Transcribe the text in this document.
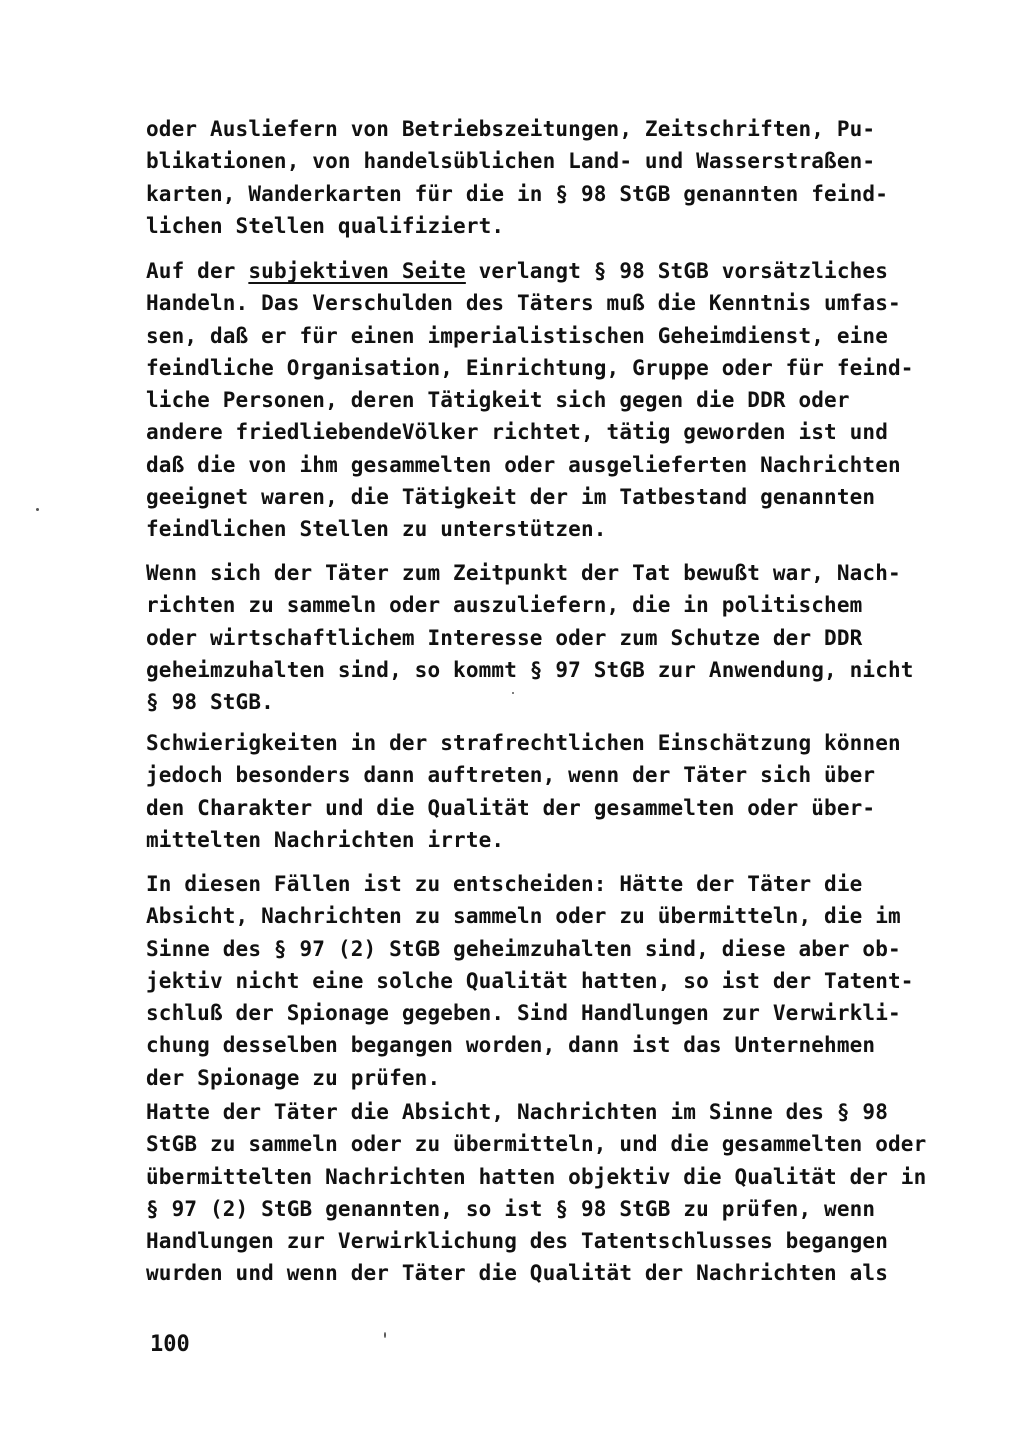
oder Ausliefern von Betriebszeitungen, Zeitschriften, Pu-
blikationen, von handelsüblichen Land- und Wasserstraßen-
karten, Wanderkarten für die in § 98 StGB genannten feind-
lichen Stellen qualifiziert.

Auf der subjektiven Seite verlangt § 98 StGB vorsätzliches
Handeln. Das Verschulden des Täters muß die Kenntnis umfas-
sen, daß er für einen imperialistischen Geheimdienst, eine
feindliche Organisation, Einrichtung, Gruppe oder für feind-
liche Personen, deren Tätigkeit sich gegen die DDR oder
andere friedliebendeVölker richtet, tätig geworden ist und
daß die von ihm gesammelten oder ausgelieferten Nachrichten
geeignet waren, die Tätigkeit der im Tatbestand genannten
feindlichen Stellen zu unterstützen.

Wenn sich der Täter zum Zeitpunkt der Tat bewußt war, Nach-
richten zu sammeln oder auszuliefern, die in politischem
oder wirtschaftlichem Interesse oder zum Schutze der DDR
geheimzuhalten sind, so kommt § 97 StGB zur Anwendung, nicht
§ 98 StGB.

Schwierigkeiten in der strafrechtlichen Einschätzung können
jedoch besonders dann auftreten, wenn der Täter sich über
den Charakter und die Qualität der gesammelten oder über-
mittelten Nachrichten irrte.

In diesen Fällen ist zu entscheiden: Hätte der Täter die
Absicht, Nachrichten zu sammeln oder zu übermitteln, die im
Sinne des § 97 (2) StGB geheimzuhalten sind, diese aber ob-
jektiv nicht eine solche Qualität hatten, so ist der Tatent-
schluß der Spionage gegeben. Sind Handlungen zur Verwirkli-
chung desselben begangen worden, dann ist das Unternehmen
der Spionage zu prüfen.

Hatte der Täter die Absicht, Nachrichten im Sinne des § 98
StGB zu sammeln oder zu übermitteln, und die gesammelten oder
übermittelten Nachrichten hatten objektiv die Qualität der in
§ 97 (2) StGB genannten, so ist § 98 StGB zu prüfen, wenn
Handlungen zur Verwirklichung des Tatentschlusses begangen
wurden und wenn der Täter die Qualität der Nachrichten als

100
